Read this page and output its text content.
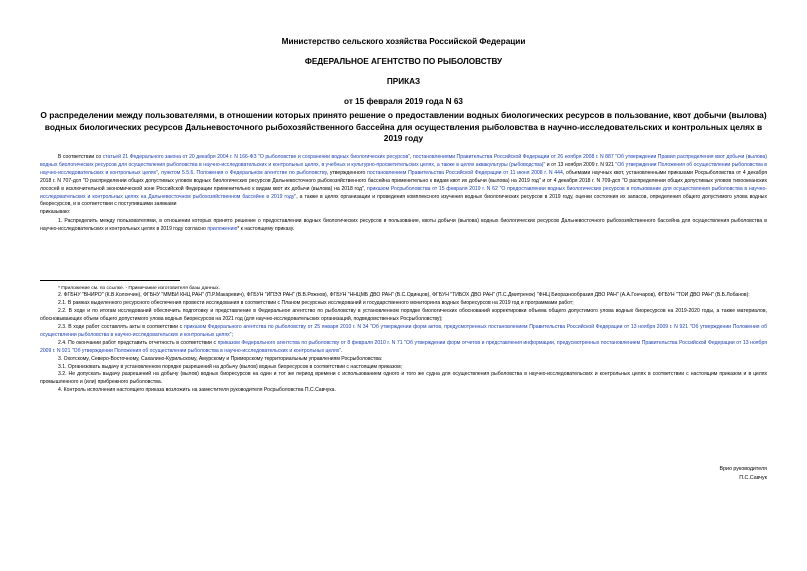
Министерство сельского хозяйства Российской Федерации

ФЕДЕРАЛЬНОЕ АГЕНТСТВО ПО РЫБОЛОВСТВУ

ПРИКАЗ

от 15 февраля 2019 года N 63

О распределении между пользователями, в отношении которых принято решение о предоставлении водных биологических ресурсов в пользование, квот добычи (вылова) водных биологических ресурсов Дальневосточного рыбохозяйственного бассейна для осуществления рыболовства в научно-исследовательских и контрольных целях в 2019 году

В соответствии со статьей 21 Федерального закона от 20 декабря 2004 г. N 166-ФЗ "О рыболовстве и сохранении водных биологических ресурсов", постановлениями Правительства Российской Федерации от 26 ноября 2008 г. N 887 "Об утверждении Правил распределения квот добычи (вылова) водных биологических ресурсов для осуществления рыболовства в научно-исследовательских и контрольных целях, в учебных и культурно-просветительских целях, а также в целях аквакультуры (рыбоводства)" и от 13 ноября 2009 г. N 921 "Об утверждении Положения об осуществлении рыболовства в научно-исследовательских и контрольных целях", пунктом 5.5.6. Положения о Федеральном агентстве по рыболовству, утвержденного постановлением Правительства Российской Федерации от 11 июня 2008 г. N 444, объемами научных квот, установленными приказами Росрыболовства от 4 декабря 2018 г. N 707-дсп "О распределении общих допустимых уловов водных биологических ресурсов Дальневосточного рыбохозяйственного бассейна применительно к видам квот их добычи (вылова) на 2019 год" и от 4 декабря 2018 г. N 709-дсп "О распределении общих допустимых уловов тихоокеанских лососей в исключительной экономической зоне Российской Федерации применительно к видам квот их добычи (вылова) на 2018 год", приказом Росрыболовства от 15 февраля 2019 г. N 62 "О предоставлении водных биологических ресурсов в пользование для осуществления рыболовства в научно-исследовательских и контрольных целях на Дальневосточном рыбохозяйственном бассейне в 2019 году", а также в целях организации и проведения комплексного изучения водных биологических ресурсов в 2019 году, оценки состояния их запасов, определения общего допустимого улова водных биоресурсов, и в соответствии с поступившими заявками

приказываю:

1. Распределить между пользователями, в отношении которых принято решение о предоставлении водных биологических ресурсов в пользование, квоты добычи (вылова) водных биологических ресурсов Дальневосточного рыбохозяйственного бассейна для осуществления рыболовства в научно-исследовательских и контрольных целях в 2019 году согласно приложению* к настоящему приказу.

* Приложение см. по ссылке. - Примечание изготовителя базы данных.

2. ФГБНУ "ВНИРО" (К.В.Колончин), ФГБНУ "ММБИ КНЦ РАН" (П.Р.Макаревич), ФГБУН "ИПЭЭ РАН" (В.В.Рожнов), ФГБУН "ННЦМБ ДВО РАН" (В.С.Одинцов), ФГБУН "ТИБОХ ДВО РАН" (П.С.Дмитренок) "ФНЦ Биоразнообразия ДВО РАН" (А.А.Гончаров), ФГБУН "ТОИ ДВО РАН" (В.Б.Лобанов):

2.1. В рамках выделенного ресурсного обеспечения провести исследования в соответствии с Планом ресурсных исследований и государственного мониторинга водных биоресурсов на 2019 год и программами работ;

2.2. В ходе и по итогам исследований обеспечить подготовку и представление в Федеральное агентство по рыболовству в установленном порядке биологических обоснований корректировки объема общего допустимого улова водных биоресурсов на 2019-2020 годы, а также материалов, обосновывающих объем общего допустимого улова водных биоресурсов на 2021 год (для научно-исследовательских организаций, подведомственных Росрыболовству);

2.3. В ходе работ составлять акты в соответствии с приказом Федерального агентства по рыболовству от 25 января 2010 г. N 34 "Об утверждении форм актов, предусмотренных постановлением Правительства Российской Федерации от 13 ноября 2009 г. N 921 "Об утверждении Положения об осуществлении рыболовства в научно-исследовательских и контрольных целях";

2.4. По окончании работ представить отчетность в соответствии с приказом Федерального агентства по рыболовству от 8 февраля 2010 г. N 71 "Об утверждении форм отчетов и представления информации, предусмотренных постановлением Правительства Российской Федерации от 13 ноября 2009 г. N 921 "Об утверждении Положения об осуществлении рыболовства в научно-исследовательских и контрольных целях".

3. Охотскому, Северо-Восточному, Сахалино-Курильскому, Амурскому и Приморскому территориальным управлениям Росрыболовства:

3.1. Организовать выдачу в установленном порядке разрешений на добычу (вылов) водных биоресурсов в соответствии с настоящим приказом;

3.2. Не допускать выдачу разрешений на добычу (вылов) водных биоресурсов на один и тот же период времени с использованием одного и того же судна для осуществления рыболовства в научно-исследовательских и контрольных целях в соответствии с настоящим приказом и в целях промышленного и (или) прибрежного рыболовства.

4. Контроль исполнения настоящего приказа возложить на заместителя руководителя Росрыболовства П.С.Савчука.

Врио руководителя
П.С.Савчук
